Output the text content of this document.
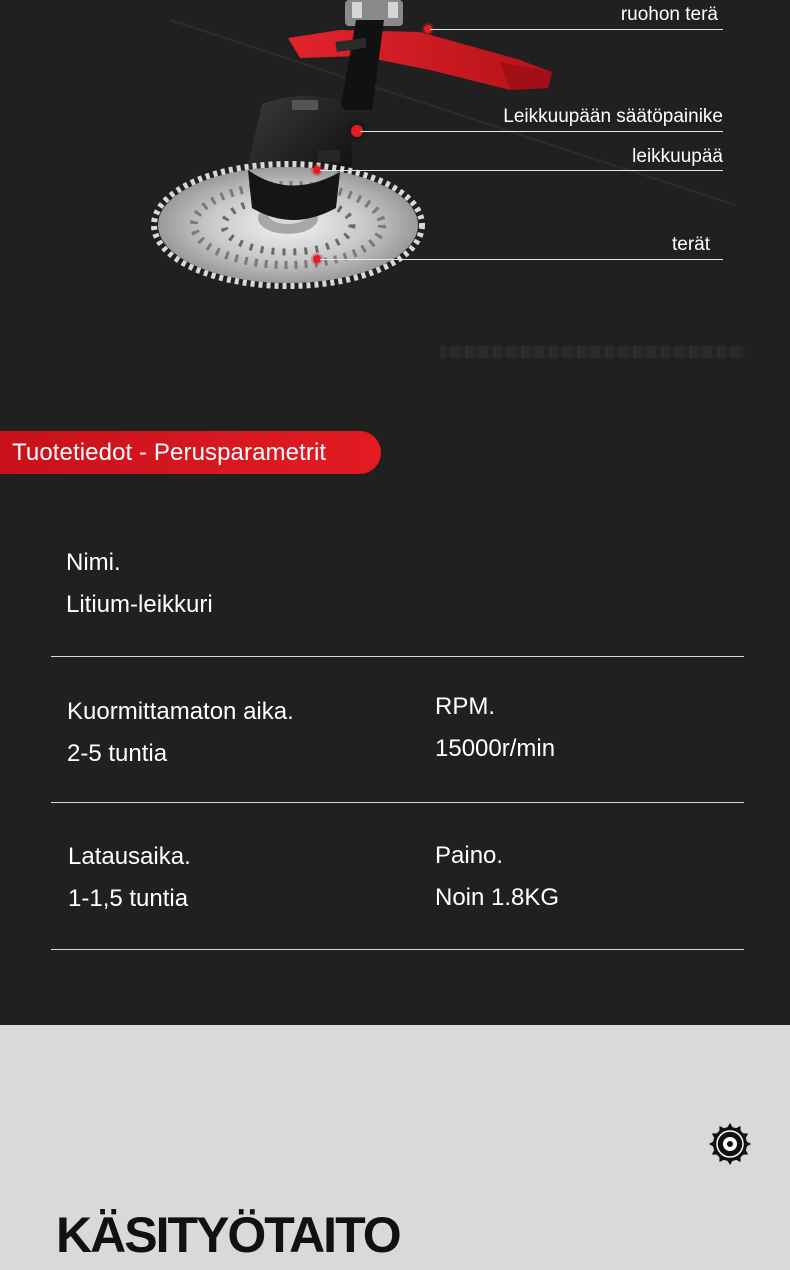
ruohon terä
Leikkuupään säätöpainike
leikkuupää
terät
Tuotetiedot - Perusparametrit
Nimi.
Litium-leikkuri
Kuormittamaton aika.
2-5 tuntia
RPM.
15000r/min
Latausaika.
1-1,5 tuntia
Paino.
Noin 1.8KG
KÄSITYÖTAITO
